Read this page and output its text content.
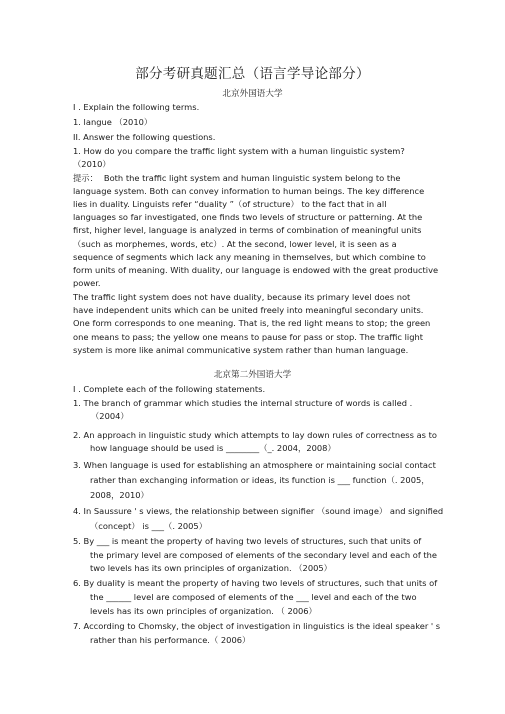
部分考研真题汇总（语言学导论部分）
北京外国语大学
I . Explain the following terms.
1. langue （2010）
II. Answer the following questions.
1. How do you compare the traffic light system with a human linguistic system?
（2010）
提示： Both the traffic light system and human linguistic system belong to the
language system. Both can convey information to human beings. The key difference
lies in duality. Linguists refer “duality ”（of structure） to the fact that in all
languages so far investigated, one finds two levels of structure or patterning. At the
first, higher level, language is analyzed in terms of combination of meaningful units
（such as morphemes, words, etc）. At the second, lower level, it is seen as a
sequence of segments which lack any meaning in themselves, but which combine to
form units of meaning. With duality, our language is endowed with the great productive
power.
The traffic light system does not have duality, because its primary level does not
have independent units which can be united freely into meaningful secondary units.
One form corresponds to one meaning. That is, the red light means to stop; the green
one means to pass; the yellow one means to pause for pass or stop. The traffic light
system is more like animal communicative system rather than human language.
北京第二外国语大学
I . Complete each of the following statements.
1. The branch of grammar which studies the internal structure of words is called .
（2004）
2. An approach in linguistic study which attempts to lay down rules of correctness as to
how language should be used is ________（_. 2004，2008）
3. When language is used for establishing an atmosphere or maintaining social contact
rather than exchanging information or ideas, its function is ___ function（. 2005，
2008，2010）
4. In Saussure ' s views, the relationship between signifier （sound image） and signified
（concept） is ___（. 2005）
5. By ___ is meant the property of having two levels of structures, such that units of
the primary level are composed of elements of the secondary level and each of the
two levels has its own principles of organization. （2005）
6. By duality is meant the property of having two levels of structures, such that units of
the ______ level are composed of elements of the ___ level and each of the two
levels has its own principles of organization. （ 2006）
7. According to Chomsky, the object of investigation in linguistics is the ideal speaker ' s
rather than his performance.（ 2006）
